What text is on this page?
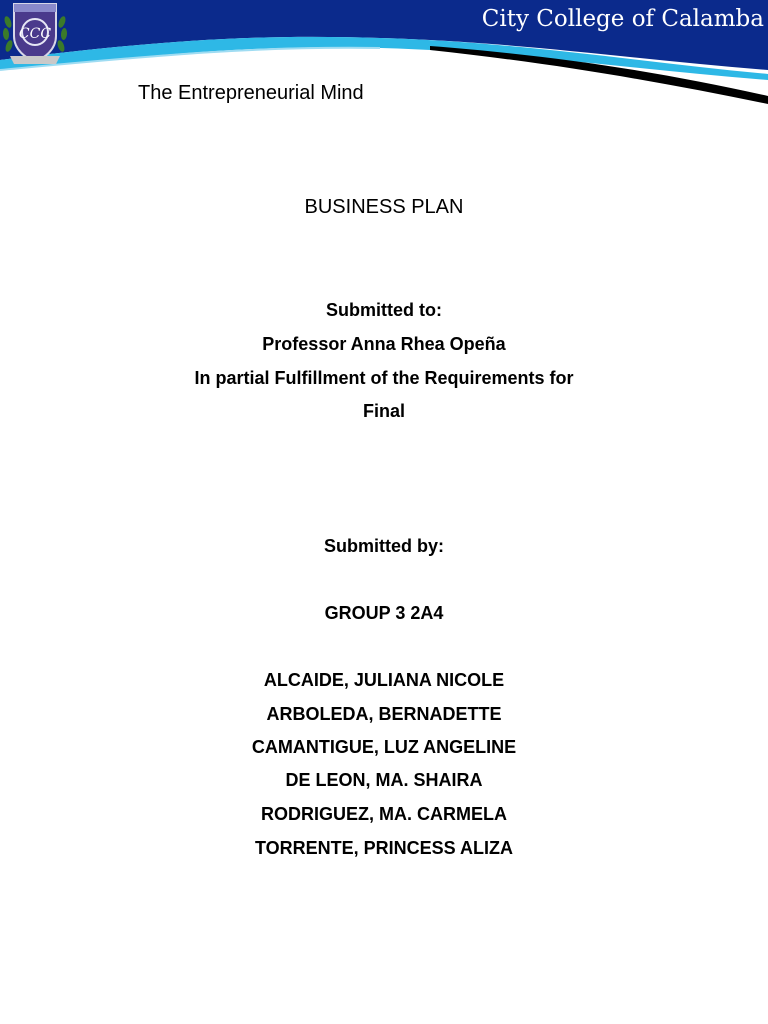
City College of Calamba
CCC
The Entrepreneurial Mind
BUSINESS PLAN
Submitted to:
Professor Anna Rhea Opeña
In partial Fulfillment of the Requirements for
Final
Submitted by:
GROUP 3 2A4
ALCAIDE, JULIANA NICOLE
ARBOLEDA, BERNADETTE
CAMANTIGUE, LUZ ANGELINE
DE LEON, MA. SHAIRA
RODRIGUEZ, MA. CARMELA
TORRENTE, PRINCESS ALIZA
